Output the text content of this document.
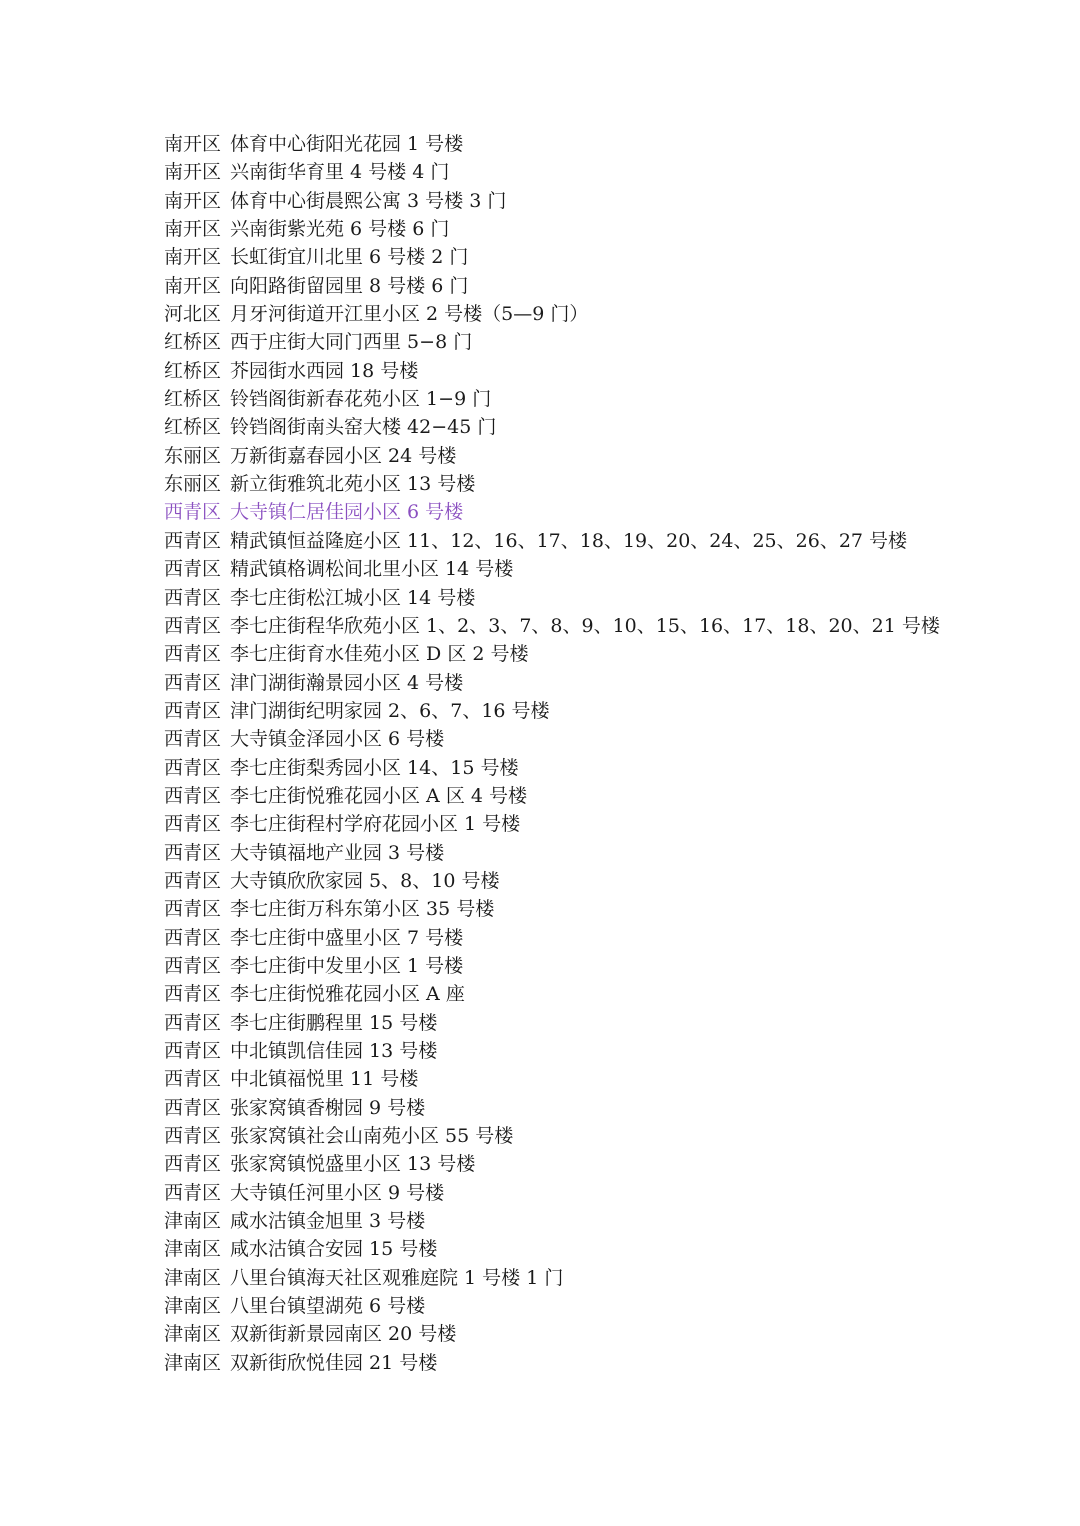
南开区 体育中心街阳光花园 1 号楼
南开区 兴南街华育里 4 号楼 4 门
南开区 体育中心街晨熙公寓 3 号楼 3 门
南开区 兴南街紫光苑 6 号楼 6 门
南开区 长虹街宜川北里 6 号楼 2 门
南开区 向阳路街留园里 8 号楼 6 门
河北区 月牙河街道开江里小区 2 号楼（5—9 门）
红桥区 西于庄街大同门西里 5−8 门
红桥区 芥园街水西园 18 号楼
红桥区 铃铛阁街新春花苑小区 1−9 门
红桥区 铃铛阁街南头窑大楼 42−45 门
东丽区 万新街嘉春园小区 24 号楼
东丽区 新立街雅筑北苑小区 13 号楼
西青区 大寺镇仁居佳园小区 6 号楼
西青区 精武镇恒益隆庭小区 11、12、16、17、18、19、20、24、25、26、27 号楼
西青区 精武镇格调松间北里小区 14 号楼
西青区 李七庄街松江城小区 14 号楼
西青区 李七庄街程华欣苑小区 1、2、3、7、8、9、10、15、16、17、18、20、21 号楼
西青区 李七庄街育水佳苑小区 D 区 2 号楼
西青区 津门湖街瀚景园小区 4 号楼
西青区 津门湖街纪明家园 2、6、7、16 号楼
西青区 大寺镇金泽园小区 6 号楼
西青区 李七庄街梨秀园小区 14、15 号楼
西青区 李七庄街悦雅花园小区 A 区 4 号楼
西青区 李七庄街程村学府花园小区 1 号楼
西青区 大寺镇福地产业园 3 号楼
西青区 大寺镇欣欣家园 5、8、10 号楼
西青区 李七庄街万科东第小区 35 号楼
西青区 李七庄街中盛里小区 7 号楼
西青区 李七庄街中发里小区 1 号楼
西青区 李七庄街悦雅花园小区 A 座
西青区 李七庄街鹏程里 15 号楼
西青区 中北镇凯信佳园 13 号楼
西青区 中北镇福悦里 11 号楼
西青区 张家窝镇香榭园 9 号楼
西青区 张家窝镇社会山南苑小区 55 号楼
西青区 张家窝镇悦盛里小区 13 号楼
西青区 大寺镇任河里小区 9 号楼
津南区 咸水沽镇金旭里 3 号楼
津南区 咸水沽镇合安园 15 号楼
津南区 八里台镇海天社区观雅庭院 1 号楼 1 门
津南区 八里台镇望湖苑 6 号楼
津南区 双新街新景园南区 20 号楼
津南区 双新街欣悦佳园 21 号楼
